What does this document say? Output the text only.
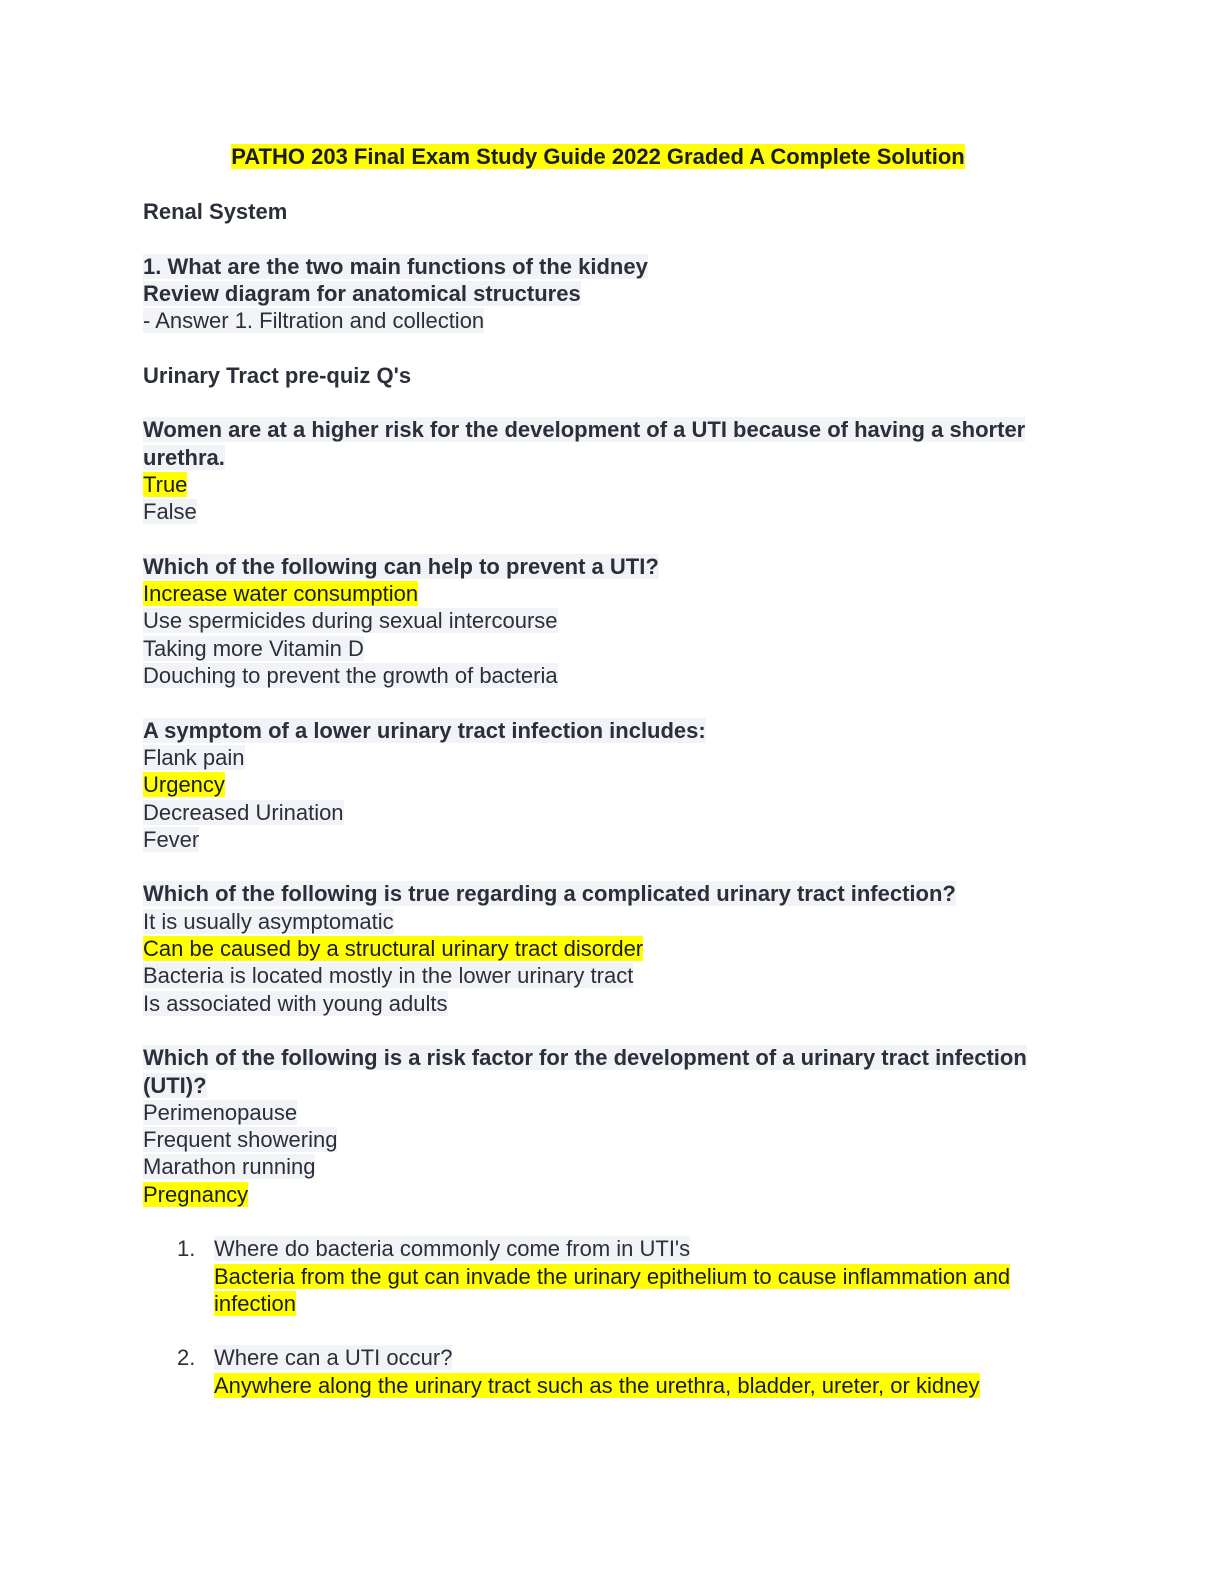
PATHO 203 Final Exam Study Guide 2022 Graded A Complete Solution
Renal System
1. What are the two main functions of the kidney
Review diagram for anatomical structures
- Answer 1. Filtration and collection
Urinary Tract pre-quiz Q's
Women are at a higher risk for the development of a UTI because of having a shorter urethra.
True
False
Which of the following can help to prevent a UTI?
Increase water consumption
Use spermicides during sexual intercourse
Taking more Vitamin D
Douching to prevent the growth of bacteria
A symptom of a lower urinary tract infection includes:
Flank pain
Urgency
Decreased Urination
Fever
Which of the following is true regarding a complicated urinary tract infection?
It is usually asymptomatic
Can be caused by a structural urinary tract disorder
Bacteria is located mostly in the lower urinary tract
Is associated with young adults
Which of the following is a risk factor for the development of a urinary tract infection (UTI)?
Perimenopause
Frequent showering
Marathon running
Pregnancy
1. Where do bacteria commonly come from in UTI's
Bacteria from the gut can invade the urinary epithelium to cause inflammation and infection
2. Where can a UTI occur?
Anywhere along the urinary tract such as the urethra, bladder, ureter, or kidney
